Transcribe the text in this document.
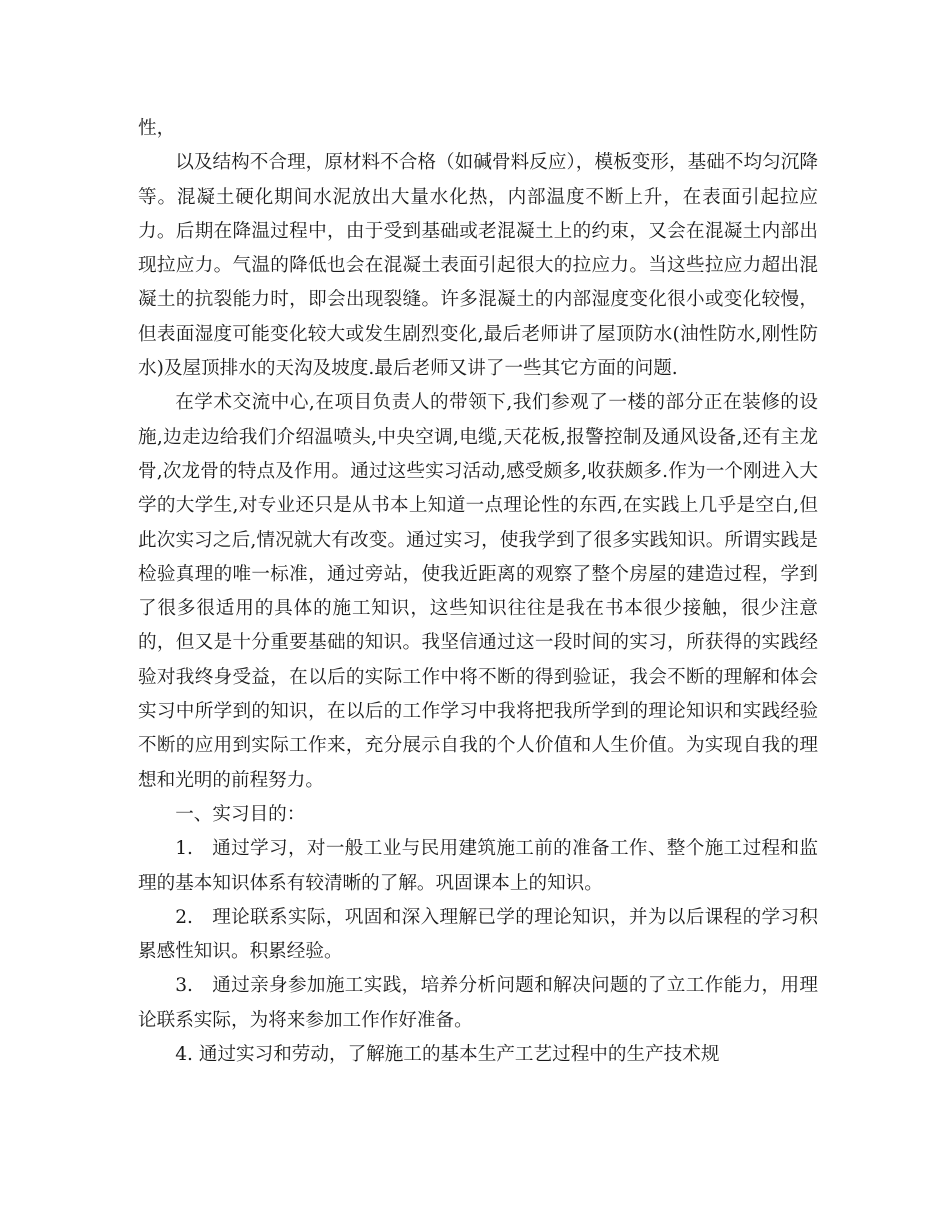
性，

以及结构不合理，原材料不合格（如碱骨料反应），模板变形，基础不均匀沉降等。混凝土硬化期间水泥放出大量水化热，内部温度不断上升，在表面引起拉应力。后期在降温过程中，由于受到基础或老混凝土上的约束，又会在混凝土内部出现拉应力。气温的降低也会在混凝土表面引起很大的拉应力。当这些拉应力超出混凝土的抗裂能力时，即会出现裂缝。许多混凝土的内部湿度变化很小或变化较慢，但表面湿度可能变化较大或发生剧烈变化,最后老师讲了屋顶防水(油性防水,刚性防水)及屋顶排水的天沟及坡度.最后老师又讲了一些其它方面的问题.

在学术交流中心,在项目负责人的带领下,我们参观了一楼的部分正在装修的设施,边走边给我们介绍温喷头,中央空调,电缆,天花板,报警控制及通风设备,还有主龙骨,次龙骨的特点及作用。通过这些实习活动,感受颇多,收获颇多.作为一个刚进入大学的大学生,对专业还只是从书本上知道一点理论性的东西,在实践上几乎是空白,但此次实习之后,情况就大有改变。通过实习，使我学到了很多实践知识。所谓实践是检验真理的唯一标准，通过旁站，使我近距离的观察了整个房屋的建造过程，学到了很多很适用的具体的施工知识，这些知识往往是我在书本很少接触，很少注意的，但又是十分重要基础的知识。我坚信通过这一段时间的实习，所获得的实践经验对我终身受益，在以后的实际工作中将不断的得到验证，我会不断的理解和体会实习中所学到的知识，在以后的工作学习中我将把我所学到的理论知识和实践经验不断的应用到实际工作来，充分展示自我的个人价值和人生价值。为实现自我的理想和光明的前程努力。

一、实习目的：

1.　通过学习，对一般工业与民用建筑施工前的准备工作、整个施工过程和监理的基本知识体系有较清晰的了解。巩固课本上的知识。

2.　理论联系实际，巩固和深入理解已学的理论知识，并为以后课程的学习积累感性知识。积累经验。

3.　通过亲身参加施工实践，培养分析问题和解决问题的了立工作能力，用理论联系实际，为将来参加工作作好准备。

4. 通过实习和劳动，了解施工的基本生产工艺过程中的生产技术规
